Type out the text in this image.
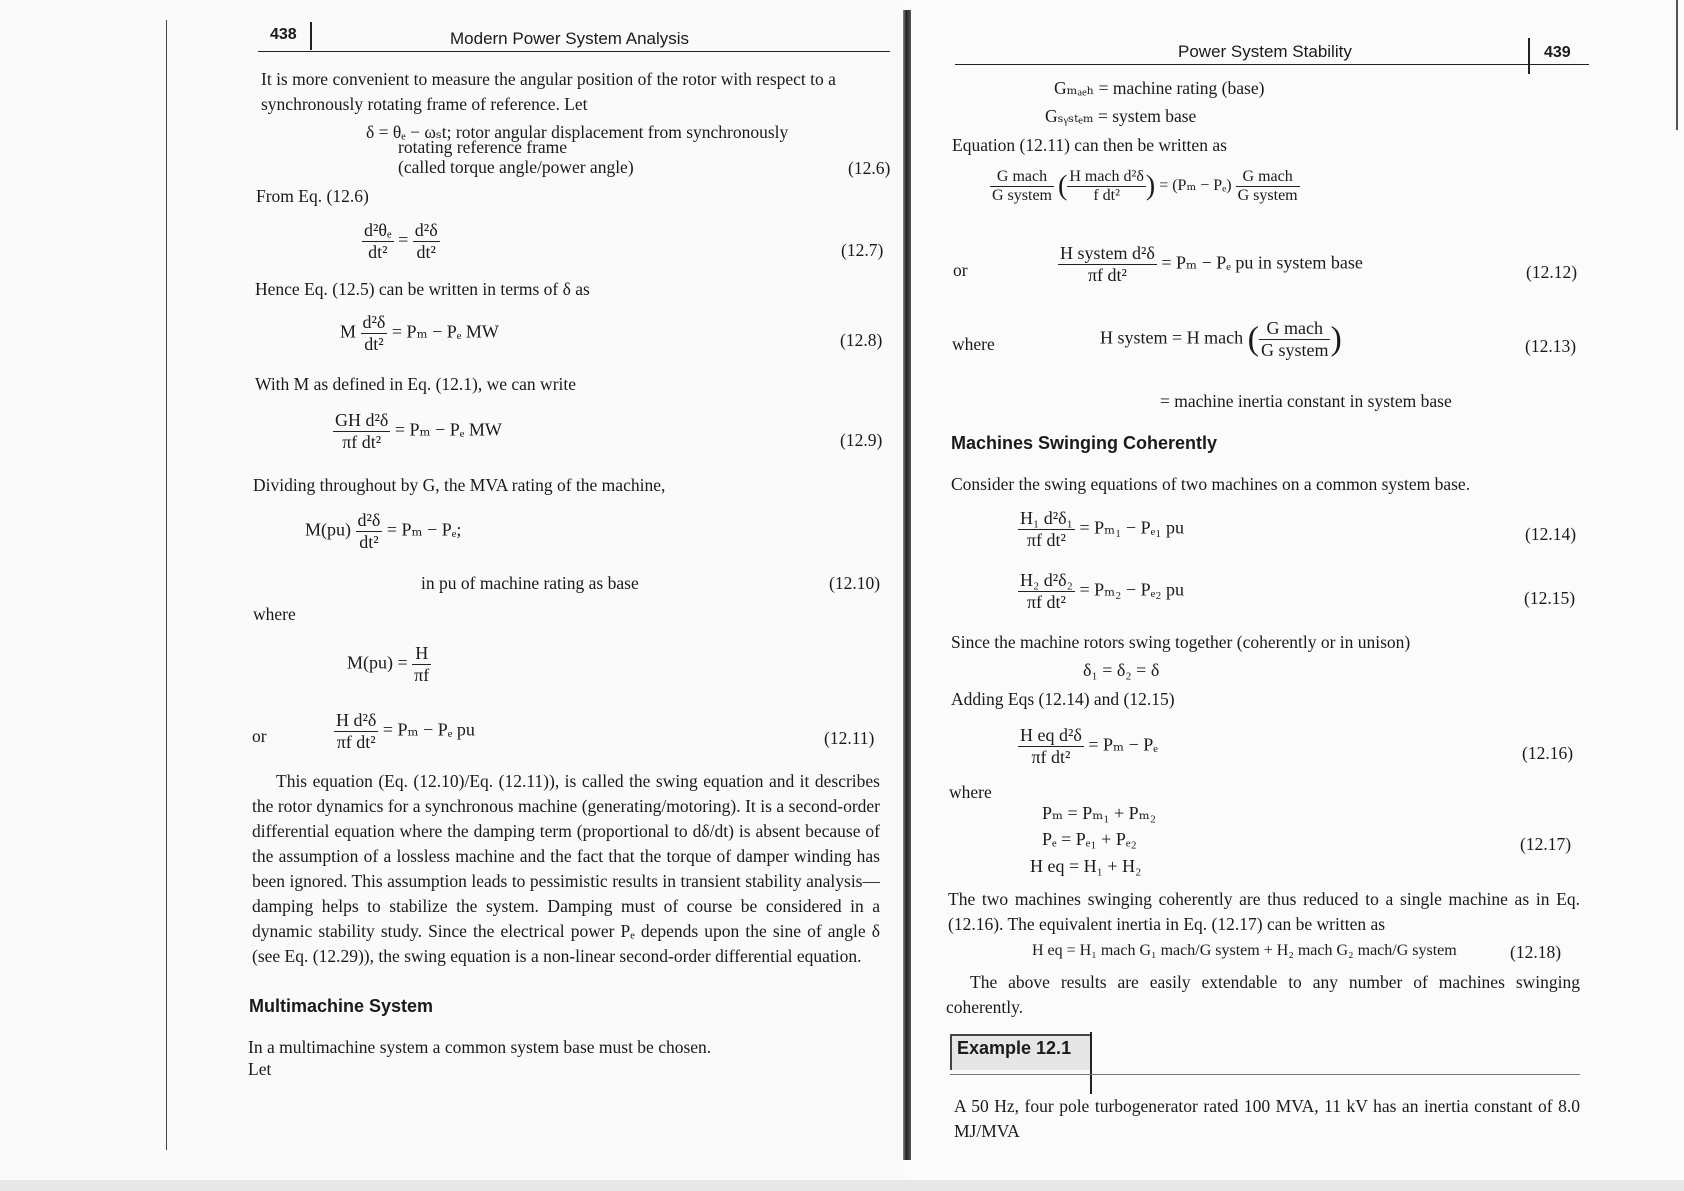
438	Modern Power System Analysis
It is more convenient to measure the angular position of the rotor with respect to a synchronously rotating frame of reference. Let
δ = θₑ − ωₛt; rotor angular displacement from synchronously
rotating reference frame
(called torque angle/power angle)	(12.6)
From Eq. (12.6)
$\frac{\text{d²θₑ}}{\text{dt²}} = \frac{\text{d²δ}}{\text{dt²}}$	(12.7)
Hence Eq. (12.5) can be written in terms of δ as
M $\frac{\text{d²δ}}{\text{dt²}} = P_m - P_e$ MW	(12.8)
With M as defined in Eq. (12.1), we can write
$\frac{\text{GH d²δ}}{\text{πf dt²}} = P_m - P_e$ MW
(12.9)
Dividing throughout by G, the MVA rating of the machine,
$M(pu) \frac{\text{d²δ}}{\text{dt²}} = P_m - P_e$;
in pu of machine rating as base	(12.10)
where
$M(pu) = \frac{H}{\pi f}$
or	$\frac{\text{H d²δ}}{\text{πf dt²}} = P_m - P_e$ pu	(12.11)
This equation (Eq. (12.10)/Eq. (12.11)), is called the swing equation and it describes the rotor dynamics for a synchronous machine (generating/motoring). It is a second-order differential equation where the damping term (proportional to dδ/dt) is absent because of the assumption of a lossless machine and the fact that the torque of damper winding has been ignored. This assumption leads to pessimistic results in transient stability analysis—damping helps to stabilize the system. Damping must of course be considered in a dynamic stability study. Since the electrical power Pₑ depends upon the sine of angle δ (see Eq. (12.29)), the swing equation is a non-linear second-order differential equation.
Multimachine System
In a multimachine system a common system base must be chosen.
Let
Power System Stability	439
Gₘₐₑₕ = machine rating (base)
Gₛᵧₛₜₑₘ = system base
Equation (12.11) can then be written as
$\frac{\text{G mach}}{\text{G system}}$ ( $\frac{\text{H mach d²δ}}{\text{f dt²}}$ ) = $(P_m - P_e) \frac{\text{G mach}}{\text{G system}}$
or	$\frac{\text{H system d²δ}}{\text{πf dt²}} = P_m - P_e$ pu in system base	(12.12)
where	H system = H mach ( $\frac{\text{G mach}}{\text{G system}}$ )	(12.13)
= machine inertia constant in system base
Machines Swinging Coherently
Consider the swing equations of two machines on a common system base.
$\frac{\text{H₁ d²δ₁}}{\text{πf dt²}} = P_{m1} - P_{e1}$ pu	(12.14)
$\frac{\text{H₂ d²δ₂}}{\text{πf dt²}} = P_{m2} - P_{e2}$ pu	(12.15)
Since the machine rotors swing together (coherently or in unison)
δ₁ = δ₂ = δ
Adding Eqs (12.14) and (12.15)
$\frac{\text{H eq d²δ}}{\text{πf dt²}} = P_m - P_e$	(12.16)
where
Pₘ = Pₘ₁ + Pₘ₂
Pₑ = Pₑ₁ + Pₑ₂
H eq = H₁ + H₂
(12.17)
The two machines swinging coherently are thus reduced to a single machine as in Eq. (12.16). The equivalent inertia in Eq. (12.17) can be written as
H eq = H₁ mach G₁ mach/G system + H₂ mach G₂ mach/G system	(12.18)
The above results are easily extendable to any number of machines swinging coherently.
Example 12.1
A 50 Hz, four pole turbogenerator rated 100 MVA, 11 kV has an inertia constant of 8.0 MJ/MVA
